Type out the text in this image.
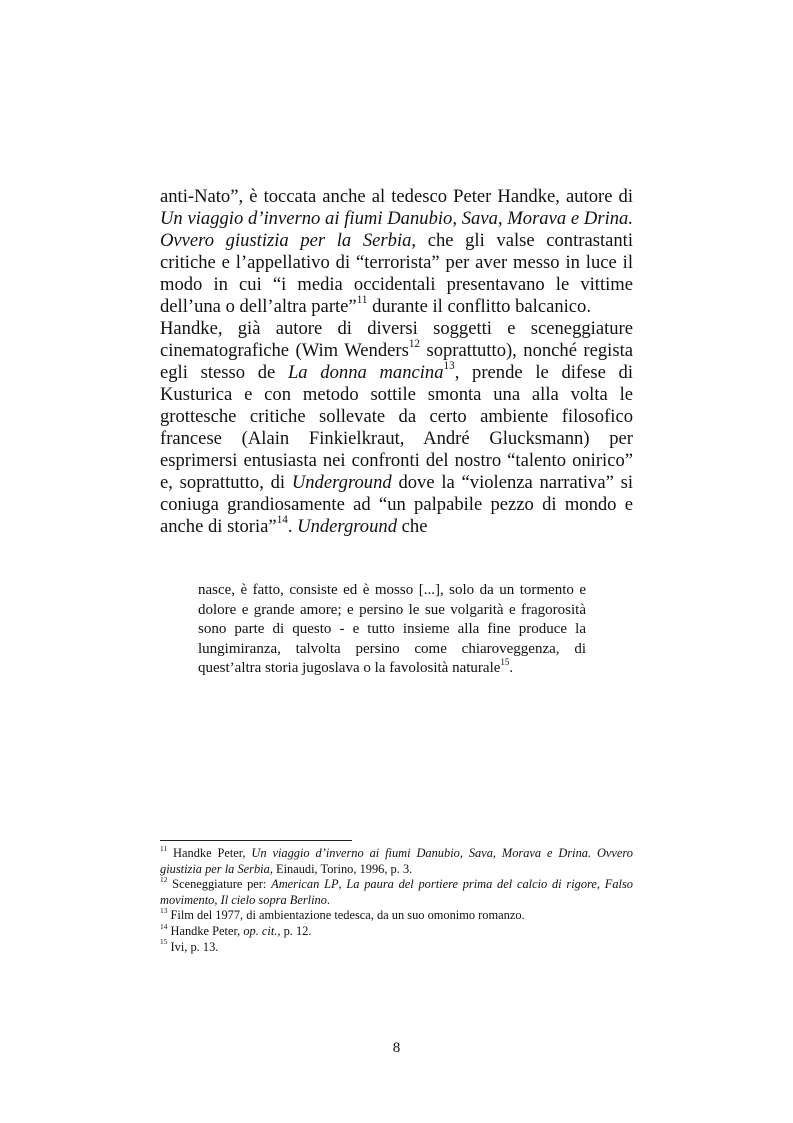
anti-Nato”, è toccata anche al tedesco Peter Handke, autore di Un viaggio d’inverno ai fiumi Danubio, Sava, Morava e Drina. Ovvero giustizia per la Serbia, che gli valse contrastanti critiche e l’appellativo di “terrorista” per aver messo in luce il modo in cui “i media occidentali presentavano le vittime dell’una o dell’altra parte”$^{11}$ durante il conflitto balcanico.

Handke, già autore di diversi soggetti e sceneggiature cinematografiche (Wim Wenders$^{12}$ soprattutto), nonché regista egli stesso de La donna mancina$^{13}$, prende le difese di Kusturica e con metodo sottile smonta una alla volta le grottesche critiche sollevate da certo ambiente filosofico francese (Alain Finkielkraut, André Glucksmann) per esprimersi entusiasta nei confronti del nostro “talento onirico” e, soprattutto, di Underground dove la “violenza narrativa” si coniuga grandiosamente ad “un palpabile pezzo di mondo e anche di storia”$^{14}$. Underground che

nasce, è fatto, consiste ed è mosso [...], solo da un tormento e dolore e grande amore; e persino le sue volgarità e fragorosità sono parte di questo - e tutto insieme alla fine produce la lungimiranza, talvolta persino come chiaroveggenza, di quest’altra storia jugoslava o la favolosità naturale$^{15}$.

$^{11}$ Handke Peter, Un viaggio d’inverno ai fiumi Danubio, Sava, Morava e Drina. Ovvero giustizia per la Serbia, Einaudi, Torino, 1996, p. 3.

$^{12}$ Sceneggiature per: American LP, La paura del portiere prima del calcio di rigore, Falso movimento, Il cielo sopra Berlino.

$^{13}$ Film del 1977, di ambientazione tedesca, da un suo omonimo romanzo.

$^{14}$ Handke Peter, op. cit., p. 12.

$^{15}$ Ivi, p. 13.

8
